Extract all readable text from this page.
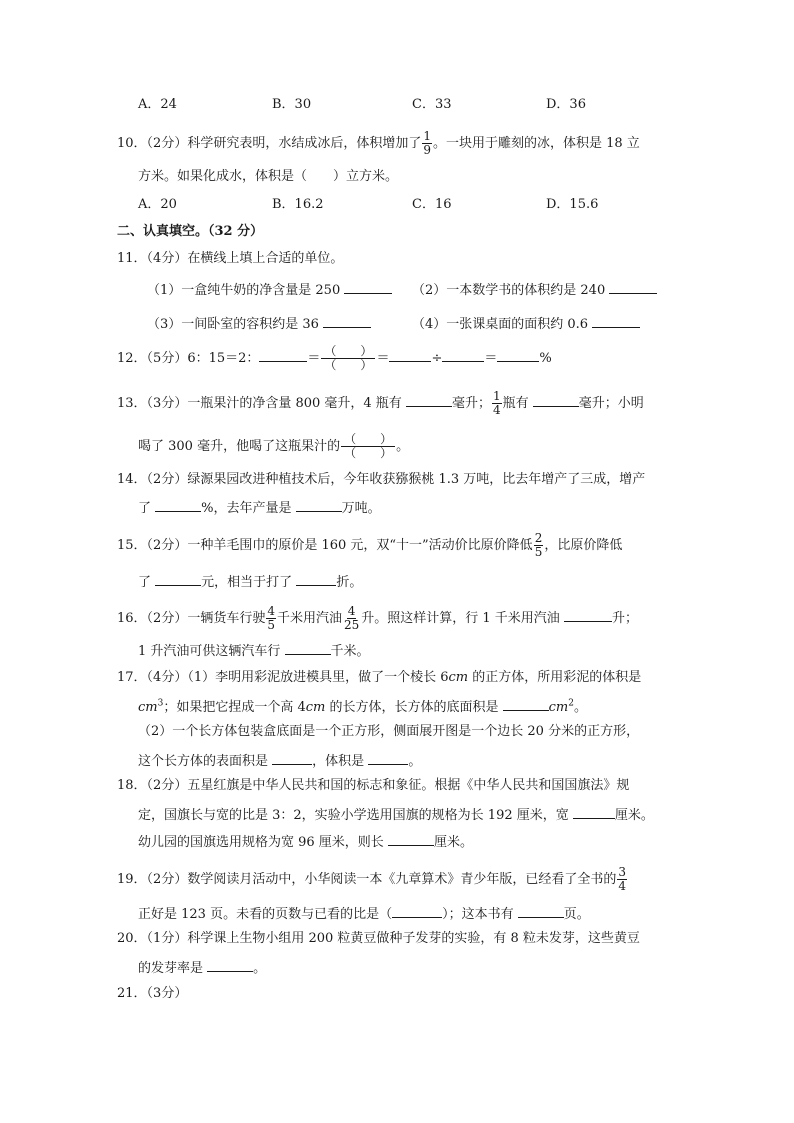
A．24	B．30	C．33	D．36
10．（2分）科学研究表明，水结成冰后，体积增加了 $\frac{1}{9}$ 。一块用于雕刻的冰，体积是 18 立
方米。如果化成水，体积是（　　）立方米。
A．20	B．16.2	C．16	D．15.6
二、认真填空。（32 分）
11．（4分）在横线上填上合适的单位。
（1）一盒纯牛奶的净含量是 250	（2）一本数学书的体积约是 240
（3）一间卧室的容积约是 36	（4）一张课桌面的面积约 0.6
12．（5分）6：15＝2：	＝ $\frac{( )}{( )}$ ＝	÷	＝	%
13．（3分）一瓶果汁的净含量 800 毫升，4 瓶有	毫升； $\frac{1}{4}$ 瓶有	毫升；小明
喝了 300 毫升，他喝了这瓶果汁的 $\frac{( )}{( )}$ 。
14．（2分）绿源果园改进种植技术后，今年收获猕猴桃 1.3 万吨，比去年增产了三成，增产
了	%，去年产量是	万吨。
15．（2分）一种羊毛围巾的原价是 160 元，双“十一”活动价比原价降低 $\frac{2}{5}$ ，比原价降低
了	元，相当于打了	折。
16．（2分）一辆货车行驶 $\frac{4}{5}$ 千米用汽油 $\frac{4}{25}$ 升。照这样计算，行 1 千米用汽油	升；
1 升汽油可供这辆汽车行	千米。
17．（4分）（1）李明用彩泥放进模具里，做了一个棱长 6cm 的正方体，所用彩泥的体积是
$cm^3$；如果把它捏成一个高 4cm 的长方体，长方体的底面积是	$cm^2$。
（2）一个长方体包装盒底面是一个正方形，侧面展开图是一个边长 20 分米的正方形，
这个长方体的表面积是	，体积是	。
18．（2分）五星红旗是中华人民共和国的标志和象征。根据《中华人民共和国国旗法》规
定，国旗长与宽的比是 3：2，实验小学选用国旗的规格为长 192 厘米，宽	厘米。
幼儿园的国旗选用规格为宽 96 厘米，则长	厘米。
19．（2分）数学阅读月活动中，小华阅读一本《九章算术》青少年版，已经看了全书的 $\frac{3}{4}$
正好是 123 页。未看的页数与已看的比是（	）；这本书有	页。
20．（1分）科学课上生物小组用 200 粒黄豆做种子发芽的实验，有 8 粒未发芽，这些黄豆
的发芽率是	。
21．（3分）
